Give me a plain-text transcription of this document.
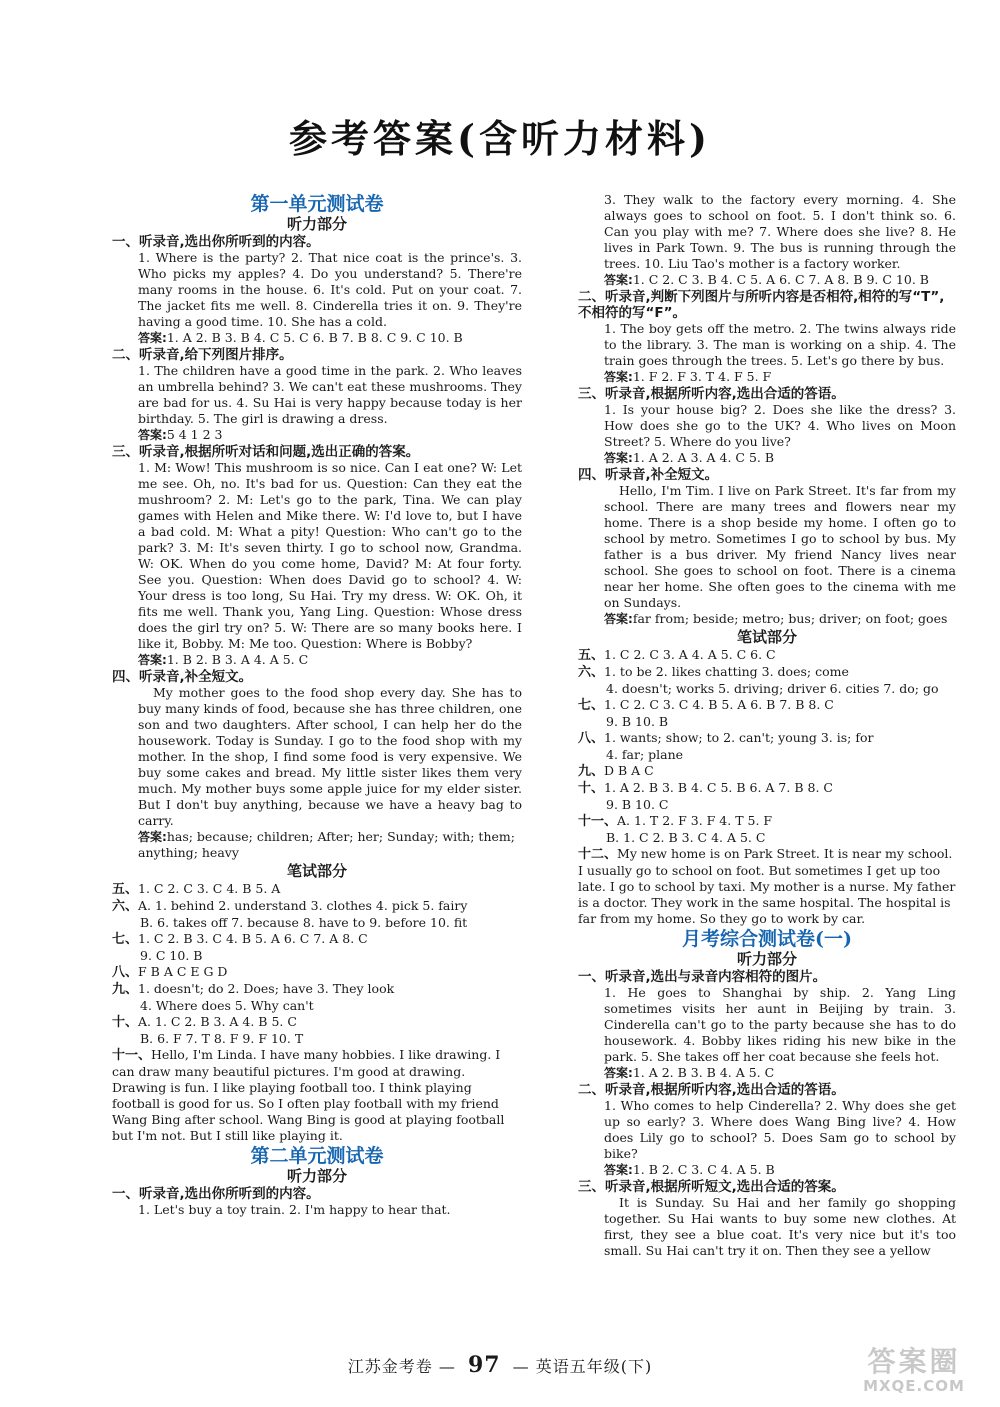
参考答案(含听力材料)
第一单元测试卷
听力部分
一、听录音,选出你所听到的内容。
1. Where is the party? 2. That nice coat is the prince's. 3. Who picks my apples? 4. Do you understand? 5. There're many rooms in the house. 6. It's cold. Put on your coat. 7. The jacket fits me well. 8. Cinderella tries it on. 9. They're having a good time. 10. She has a cold.
答案:1. A 2. B 3. B 4. C 5. C 6. B 7. B 8. C 9. C 10. B
二、听录音,给下列图片排序。
1. The children have a good time in the park. 2. Who leaves an umbrella behind? 3. We can't eat these mushrooms. They are bad for us. 4. Su Hai is very happy because today is her birthday. 5. The girl is drawing a dress.
答案:5 4 1 2 3
三、听录音,根据所听对话和问题,选出正确的答案。
1. M: Wow! This mushroom is so nice. Can I eat one? W: Let me see. Oh, no. It's bad for us. Question: Can they eat the mushroom? 2. M: Let's go to the park, Tina. We can play games with Helen and Mike there. W: I'd love to, but I have a bad cold. M: What a pity! Question: Who can't go to the park? 3. M: It's seven thirty. I go to school now, Grandma. W: OK. When do you come home, David? M: At four forty. See you. Question: When does David go to school? 4. W: Your dress is too long, Su Hai. Try my dress. W: OK. Oh, it fits me well. Thank you, Yang Ling. Question: Whose dress does the girl try on? 5. W: There are so many books here. I like it, Bobby. M: Me too. Question: Where is Bobby?
答案:1. B 2. B 3. A 4. A 5. C
四、听录音,补全短文。
My mother goes to the food shop every day. She has to buy many kinds of food, because she has three children, one son and two daughters. After school, I can help her do the housework. Today is Sunday. I go to the food shop with my mother. In the shop, I find some food is very expensive. We buy some cakes and bread. My little sister likes them very much. My mother buys some apple juice for my elder sister. But I don't buy anything, because we have a heavy bag to carry.
答案:has; because; children; After; her; Sunday; with; them; anything; heavy
笔试部分
五、1. C 2. C 3. C 4. B 5. A
六、A. 1. behind 2. understand 3. clothes 4. pick 5. fairy
B. 6. takes off 7. because 8. have to 9. before 10. fit
七、1. C 2. B 3. C 4. B 5. A 6. C 7. A 8. C
9. C 10. B
八、F B A C E G D
九、1. doesn't; do 2. Does; have 3. They look
4. Where does 5. Why can't
十、A. 1. C 2. B 3. A 4. B 5. C
B. 6. F 7. T 8. F 9. F 10. T
十一、Hello, I'm Linda. I have many hobbies. I like drawing. I can draw many beautiful pictures. I'm good at drawing. Drawing is fun. I like playing football too. I think playing football is good for us. So I often play football with my friend Wang Bing after school. Wang Bing is good at playing football but I'm not. But I still like playing it.
第二单元测试卷
听力部分
一、听录音,选出你所听到的内容。
1. Let's buy a toy train. 2. I'm happy to hear that.
3. They walk to the factory every morning. 4. She always goes to school on foot. 5. I don't think so. 6. Can you play with me? 7. Where does she live? 8. He lives in Park Town. 9. The bus is running through the trees. 10. Liu Tao's mother is a factory worker.
答案:1. C 2. C 3. B 4. C 5. A 6. C 7. A 8. B 9. C 10. B
二、听录音,判断下列图片与所听内容是否相符,相符的写“T”,不相符的写“F”。
1. The boy gets off the metro. 2. The twins always ride to the library. 3. The man is working on a ship. 4. The train goes through the trees. 5. Let's go there by bus.
答案:1. F 2. F 3. T 4. F 5. F
三、听录音,根据所听内容,选出合适的答语。
1. Is your house big? 2. Does she like the dress? 3. How does she go to the UK? 4. Who lives on Moon Street? 5. Where do you live?
答案:1. A 2. A 3. A 4. C 5. B
四、听录音,补全短文。
Hello, I'm Tim. I live on Park Street. It's far from my school. There are many trees and flowers near my home. There is a shop beside my home. I often go to school by metro. Sometimes I go to school by bus. My father is a bus driver. My friend Nancy lives near school. She goes to school on foot. There is a cinema near her home. She often goes to the cinema with me on Sundays.
答案:far from; beside; metro; bus; driver; on foot; goes
笔试部分
五、1. C 2. C 3. A 4. A 5. C 6. C
六、1. to be 2. likes chatting 3. does; come
4. doesn't; works 5. driving; driver 6. cities 7. do; go
七、1. C 2. C 3. C 4. B 5. A 6. B 7. B 8. C
9. B 10. B
八、1. wants; show; to 2. can't; young 3. is; for
4. far; plane
九、D B A C
十、1. A 2. B 3. B 4. C 5. B 6. A 7. B 8. C
9. B 10. C
十一、A. 1. T 2. F 3. F 4. T 5. F
B. 1. C 2. B 3. C 4. A 5. C
十二、My new home is on Park Street. It is near my school. I usually go to school on foot. But sometimes I get up too late. I go to school by taxi. My mother is a nurse. My father is a doctor. They work in the same hospital. The hospital is far from my home. So they go to work by car.
月考综合测试卷(一)
听力部分
一、听录音,选出与录音内容相符的图片。
1. He goes to Shanghai by ship. 2. Yang Ling sometimes visits her aunt in Beijing by train. 3. Cinderella can't go to the party because she has to do housework. 4. Bobby likes riding his new bike in the park. 5. She takes off her coat because she feels hot.
答案:1. A 2. B 3. B 4. A 5. C
二、听录音,根据所听内容,选出合适的答语。
1. Who comes to help Cinderella? 2. Why does she get up so early? 3. Where does Wang Bing live? 4. How does Lily go to school? 5. Does Sam go to school by bike?
答案:1. B 2. C 3. C 4. A 5. B
三、听录音,根据所听短文,选出合适的答案。
It is Sunday. Su Hai and her family go shopping together. Su Hai wants to buy some new clothes. At first, they see a blue coat. It's very nice but it's too small. Su Hai can't try it on. Then they see a yellow
江苏金考卷 — 97 — 英语五年级(下)	答案圈
MXQE.COM
